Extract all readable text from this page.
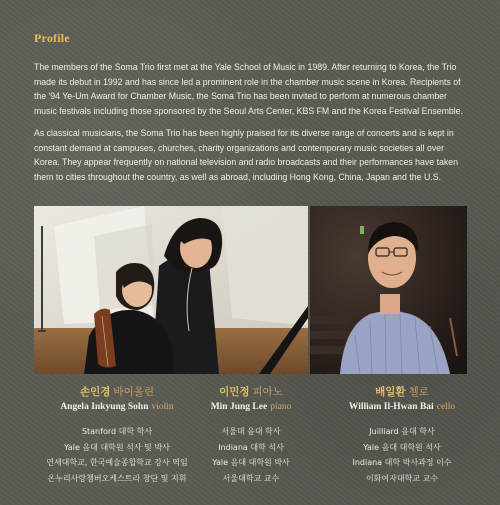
Profile

The members of the Soma Trio first met at the Yale School of Music in 1989. After returning to Korea, the Trio made its debut in 1992 and has since led a prominent role in the chamber music scene in Korea. Recipients of the '94 Ye-Um Award for Chamber Music, the Soma Trio has been invited to perform at numerous chamber music festivals including those sponsored by the Seoul Arts Center, KBS FM and the Korea Festival Ensemble.

As classical musicians, the Soma Trio has been highly praised for its diverse range of concerts and is kept in constant demand at campuses, churches, charity organizations and contemporary music societies all over Korea. They appear frequently on national television and radio broadcasts and their performances have taken them to cities throughout the country, as well as abroad, including Hong Kong, China, Japan and the U.S.

손인경 바이올린
Angela Inkyung Sohn violin
Stanford 대학 학사
Yale 음대 대학원 석사 및 박사
연세대학교, 한국예술종합학교 강사 역임
온누리사랑챔버오케스트라 창단 및 지휘
이민정 피아노
Min Jung Lee piano
서울대 음대 학사
Indiana 대학 석사
Yale 음대 대학원 박사
서울대학교 교수
배일환 첼로
William Il-Hwan Bai cello
Juilliard 음대 학사
Yale 음대 대학원 석사
Indiana 대학 박사과정 이수
이화여자대학교 교수
